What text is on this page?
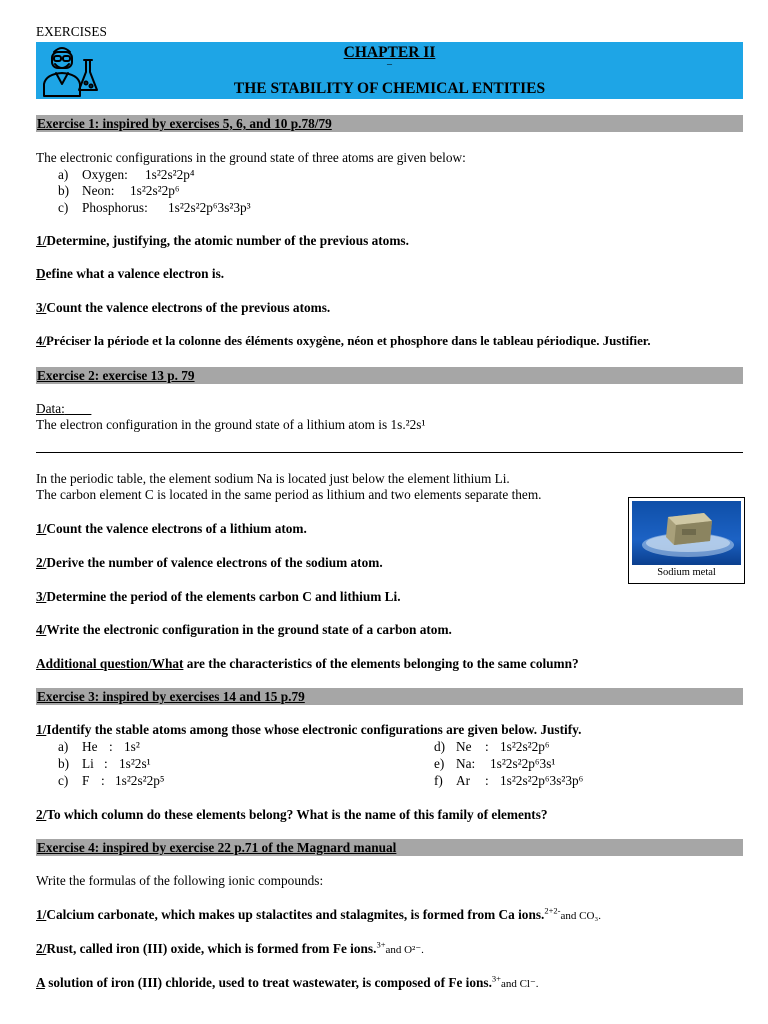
EXERCISES
CHAPTER II
–
THE STABILITY OF CHEMICAL ENTITIES
Exercise 1: inspired by exercises 5, 6, and 10 p.78/79
The electronic configurations in the ground state of three atoms are given below:
a) Oxygen: 1s²2s²2p⁴
b) Neon: 1s²2s²2p⁶
c) Phosphorus: 1s²2s²2p⁶3s²3p³
1/Determine, justifying, the atomic number of the previous atoms.
Define what a valence electron is.
3/Count the valence electrons of the previous atoms.
4/Préciser la période et la colonne des éléments oxygène, néon et phosphore dans le tableau périodique. Justifier.
Exercise 2: exercise 13 p. 79
Data:
The electron configuration in the ground state of a lithium atom is 1s.²2s¹
In the periodic table, the element sodium Na is located just below the element lithium Li.
The carbon element C is located in the same period as lithium and two elements separate them.
Sodium metal
1/Count the valence electrons of a lithium atom.
2/Derive the number of valence electrons of the sodium atom.
3/Determine the period of the elements carbon C and lithium Li.
4/Write the electronic configuration in the ground state of a carbon atom.
Additional question/What are the characteristics of the elements belonging to the same column?
Exercise 3: inspired by exercises 14 and 15 p.79
1/Identify the stable atoms among those whose electronic configurations are given below. Justify.
a) He : 1s²
b) Li : 1s²2s¹
c) F : 1s²2s²2p⁵
d) Ne : 1s²2s²2p⁶
e) Na: 1s²2s²2p⁶3s¹
f) Ar : 1s²2s²2p⁶3s²3p⁶
2/To which column do these elements belong? What is the name of this family of elements?
Exercise 4: inspired by exercise 22 p.71 of the Magnard manual
Write the formulas of the following ionic compounds:
1/Calcium carbonate, which makes up stalactites and stalagmites, is formed from Ca ions.$^{2+2-}$and CO₃.
2/Rust, called iron (III) oxide, which is formed from Fe ions.$^{3+}$and O²⁻.
A solution of iron (III) chloride, used to treat wastewater, is composed of Fe ions.$^{3+}$and Cl⁻.
